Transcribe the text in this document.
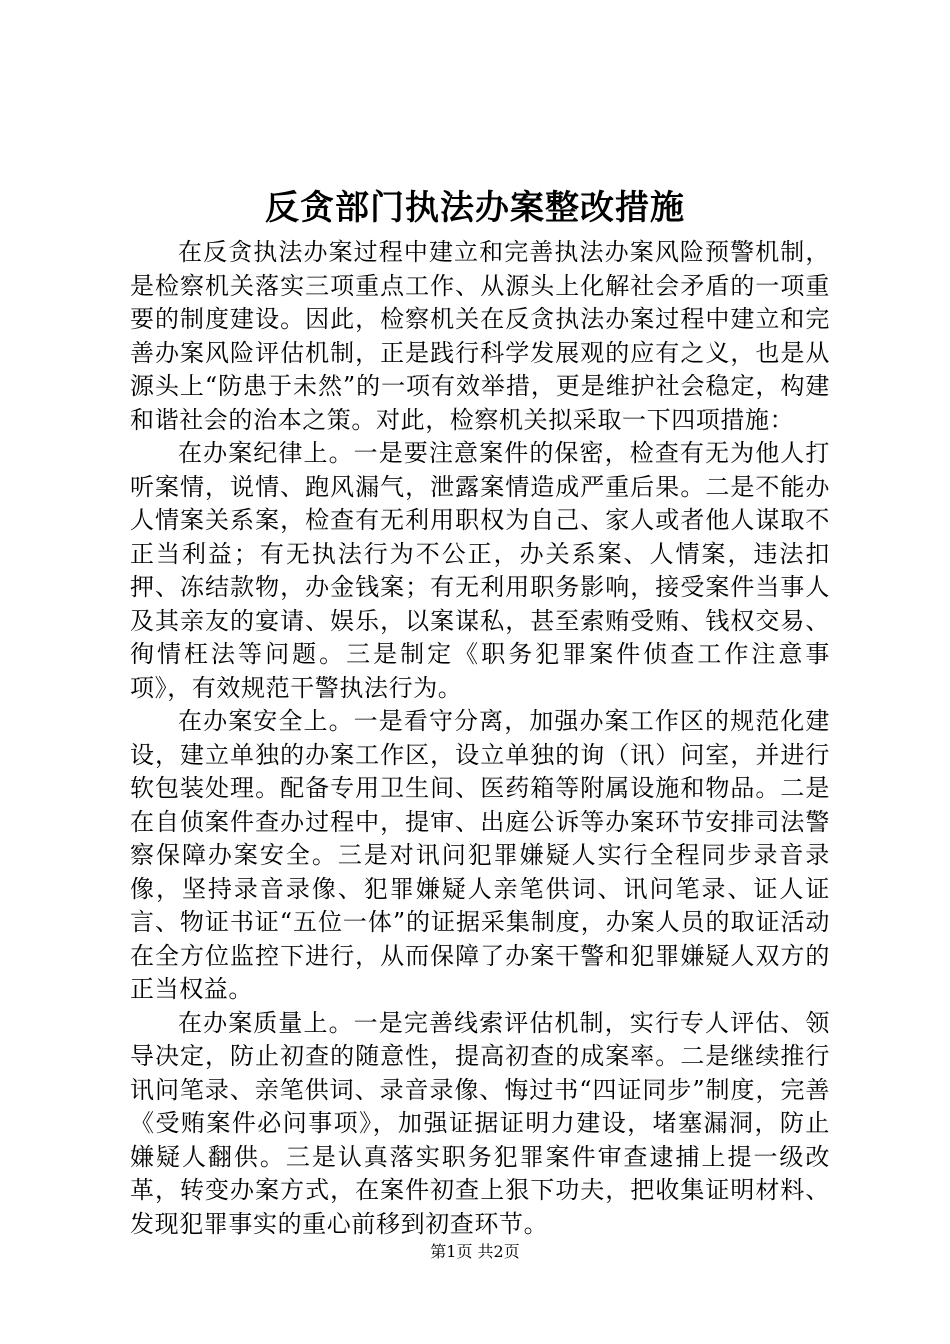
反贪部门执法办案整改措施

在反贪执法办案过程中建立和完善执法办案风险预警机制，是检察机关落实三项重点工作、从源头上化解社会矛盾的一项重要的制度建设。因此，检察机关在反贪执法办案过程中建立和完善办案风险评估机制，正是践行科学发展观的应有之义，也是从源头上“防患于未然”的一项有效举措，更是维护社会稳定，构建和谐社会的治本之策。对此，检察机关拟采取一下四项措施：

在办案纪律上。一是要注意案件的保密，检查有无为他人打听案情，说情、跑风漏气，泄露案情造成严重后果。二是不能办人情案关系案，检查有无利用职权为自己、家人或者他人谋取不正当利益；有无执法行为不公正，办关系案、人情案，违法扣押、冻结款物，办金钱案；有无利用职务影响，接受案件当事人及其亲友的宴请、娱乐，以案谋私，甚至索贿受贿、钱权交易、徇情枉法等问题。三是制定《职务犯罪案件侦查工作注意事项》，有效规范干警执法行为。

在办案安全上。一是看守分离，加强办案工作区的规范化建设，建立单独的办案工作区，设立单独的询（讯）问室，并进行软包装处理。配备专用卫生间、医药箱等附属设施和物品。二是在自侦案件查办过程中，提审、出庭公诉等办案环节安排司法警察保障办案安全。三是对讯问犯罪嫌疑人实行全程同步录音录像，坚持录音录像、犯罪嫌疑人亲笔供词、讯问笔录、证人证言、物证书证“五位一体”的证据采集制度，办案人员的取证活动在全方位监控下进行，从而保障了办案干警和犯罪嫌疑人双方的正当权益。

在办案质量上。一是完善线索评估机制，实行专人评估、领导决定，防止初查的随意性，提高初查的成案率。二是继续推行讯问笔录、亲笔供词、录音录像、悔过书“四证同步”制度，完善《受贿案件必问事项》，加强证据证明力建设，堵塞漏洞，防止嫌疑人翻供。三是认真落实职务犯罪案件审查逮捕上提一级改革，转变办案方式，在案件初查上狠下功夫，把收集证明材料、发现犯罪事实的重心前移到初查环节。

第1页 共2页
